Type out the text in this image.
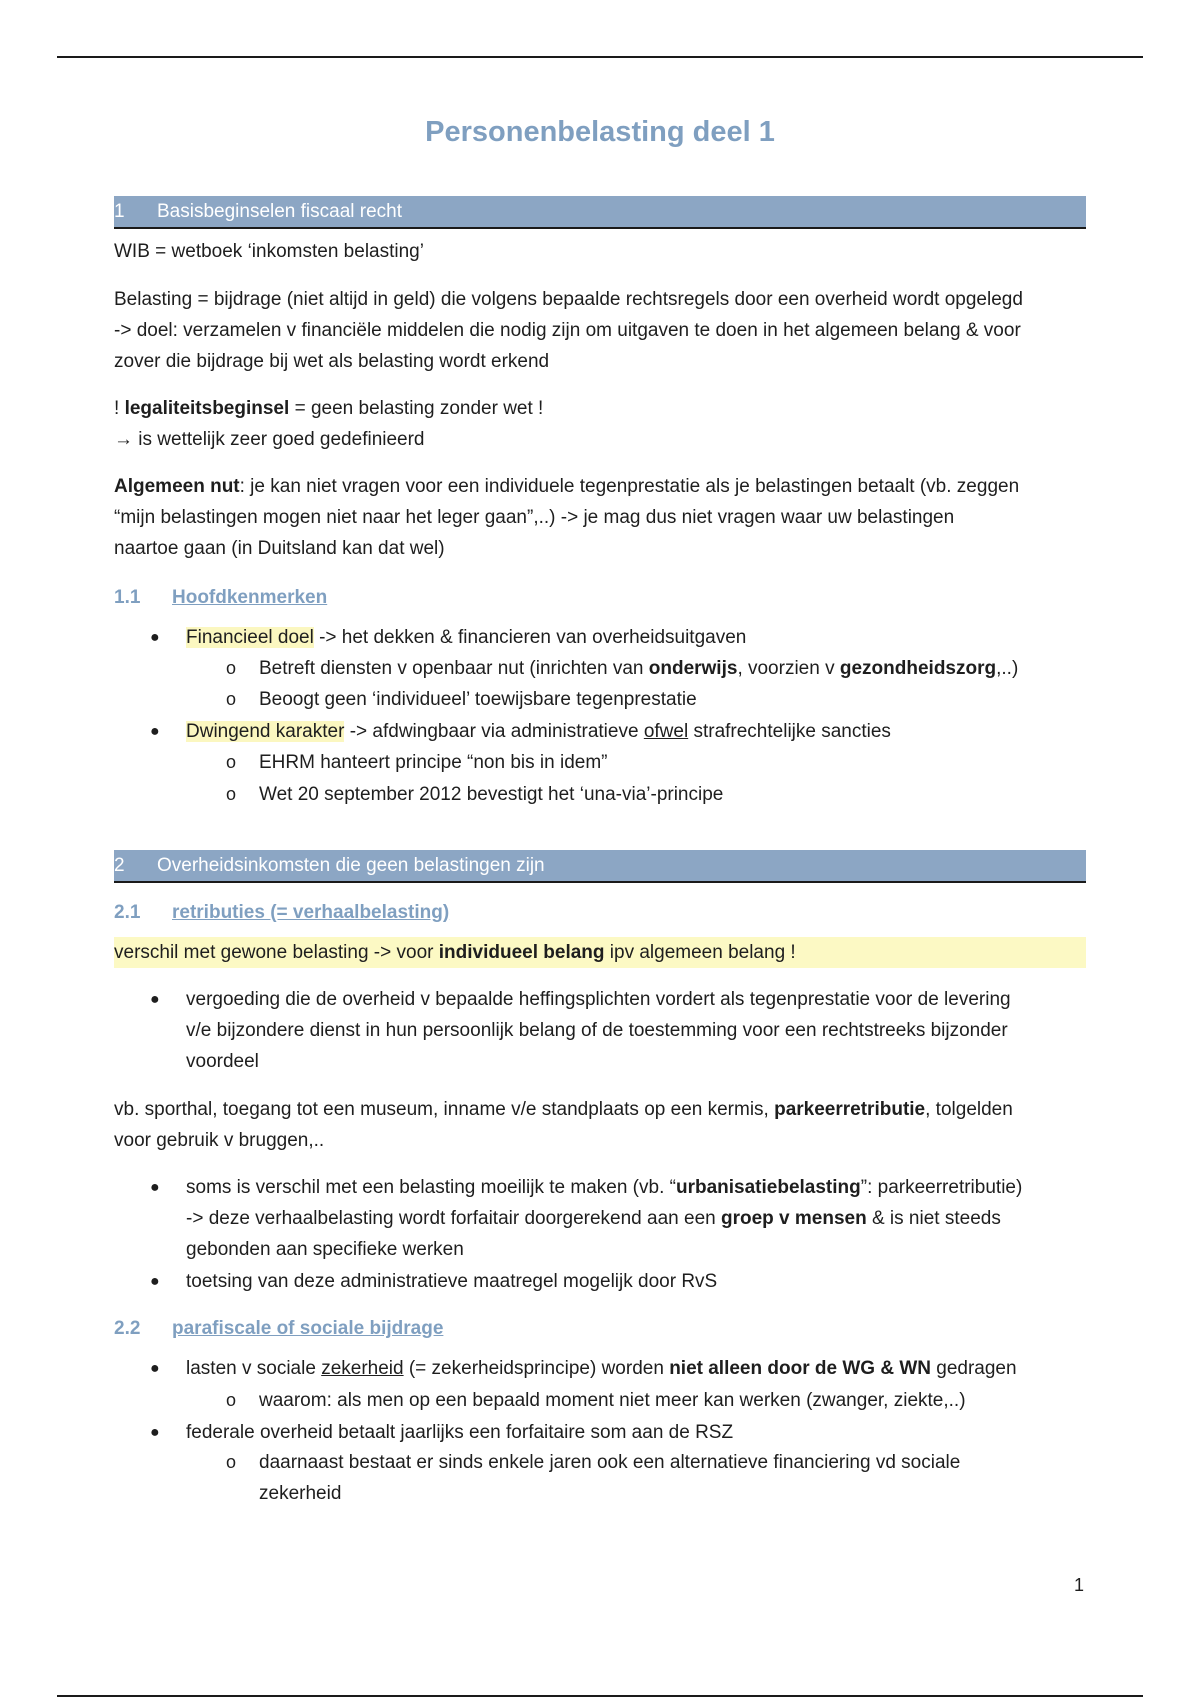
Personenbelasting deel 1
1 Basisbeginselen fiscaal recht
WIB = wetboek ‘inkomsten belasting’
Belasting = bijdrage (niet altijd in geld) die volgens bepaalde rechtsregels door een overheid wordt opgelegd
-> doel: verzamelen v financiële middelen die nodig zijn om uitgaven te doen in het algemeen belang & voor
zover die bijdrage bij wet als belasting wordt erkend
! legaliteitsbeginsel = geen belasting zonder wet !
→ is wettelijk zeer goed gedefinieerd
Algemeen nut: je kan niet vragen voor een individuele tegenprestatie als je belastingen betaalt (vb. zeggen
“mijn belastingen mogen niet naar het leger gaan”,..) -> je mag dus niet vragen waar uw belastingen
naartoe gaan (in Duitsland kan dat wel)
1.1 Hoofdkenmerken
● Financieel doel -> het dekken & financieren van overheidsuitgaven
o Betreft diensten v openbaar nut (inrichten van onderwijs, voorzien v gezondheidszorg,..)
o Beoogt geen ‘individueel’ toewijsbare tegenprestatie
● Dwingend karakter -> afdwingbaar via administratieve ofwel strafrechtelijke sancties
o EHRM hanteert principe “non bis in idem”
o Wet 20 september 2012 bevestigt het ‘una-via’-principe
2 Overheidsinkomsten die geen belastingen zijn
2.1 retributies (= verhaalbelasting)
verschil met gewone belasting -> voor individueel belang ipv algemeen belang !
● vergoeding die de overheid v bepaalde heffingsplichten vordert als tegenprestatie voor de levering
v/e bijzondere dienst in hun persoonlijk belang of de toestemming voor een rechtstreeks bijzonder
voordeel
vb. sporthal, toegang tot een museum, inname v/e standplaats op een kermis, parkeerretributie, tolgelden
voor gebruik v bruggen,..
● soms is verschil met een belasting moeilijk te maken (vb. “urbanisatiebelasting”: parkeerretributie)
-> deze verhaalbelasting wordt forfaitair doorgerekend aan een groep v mensen & is niet steeds
gebonden aan specifieke werken
● toetsing van deze administratieve maatregel mogelijk door RvS
2.2 parafiscale of sociale bijdrage
● lasten v sociale zekerheid (= zekerheidsprincipe) worden niet alleen door de WG & WN gedragen
o waarom: als men op een bepaald moment niet meer kan werken (zwanger, ziekte,..)
● federale overheid betaalt jaarlijks een forfaitaire som aan de RSZ
o daarnaast bestaat er sinds enkele jaren ook een alternatieve financiering vd sociale
zekerheid
1
